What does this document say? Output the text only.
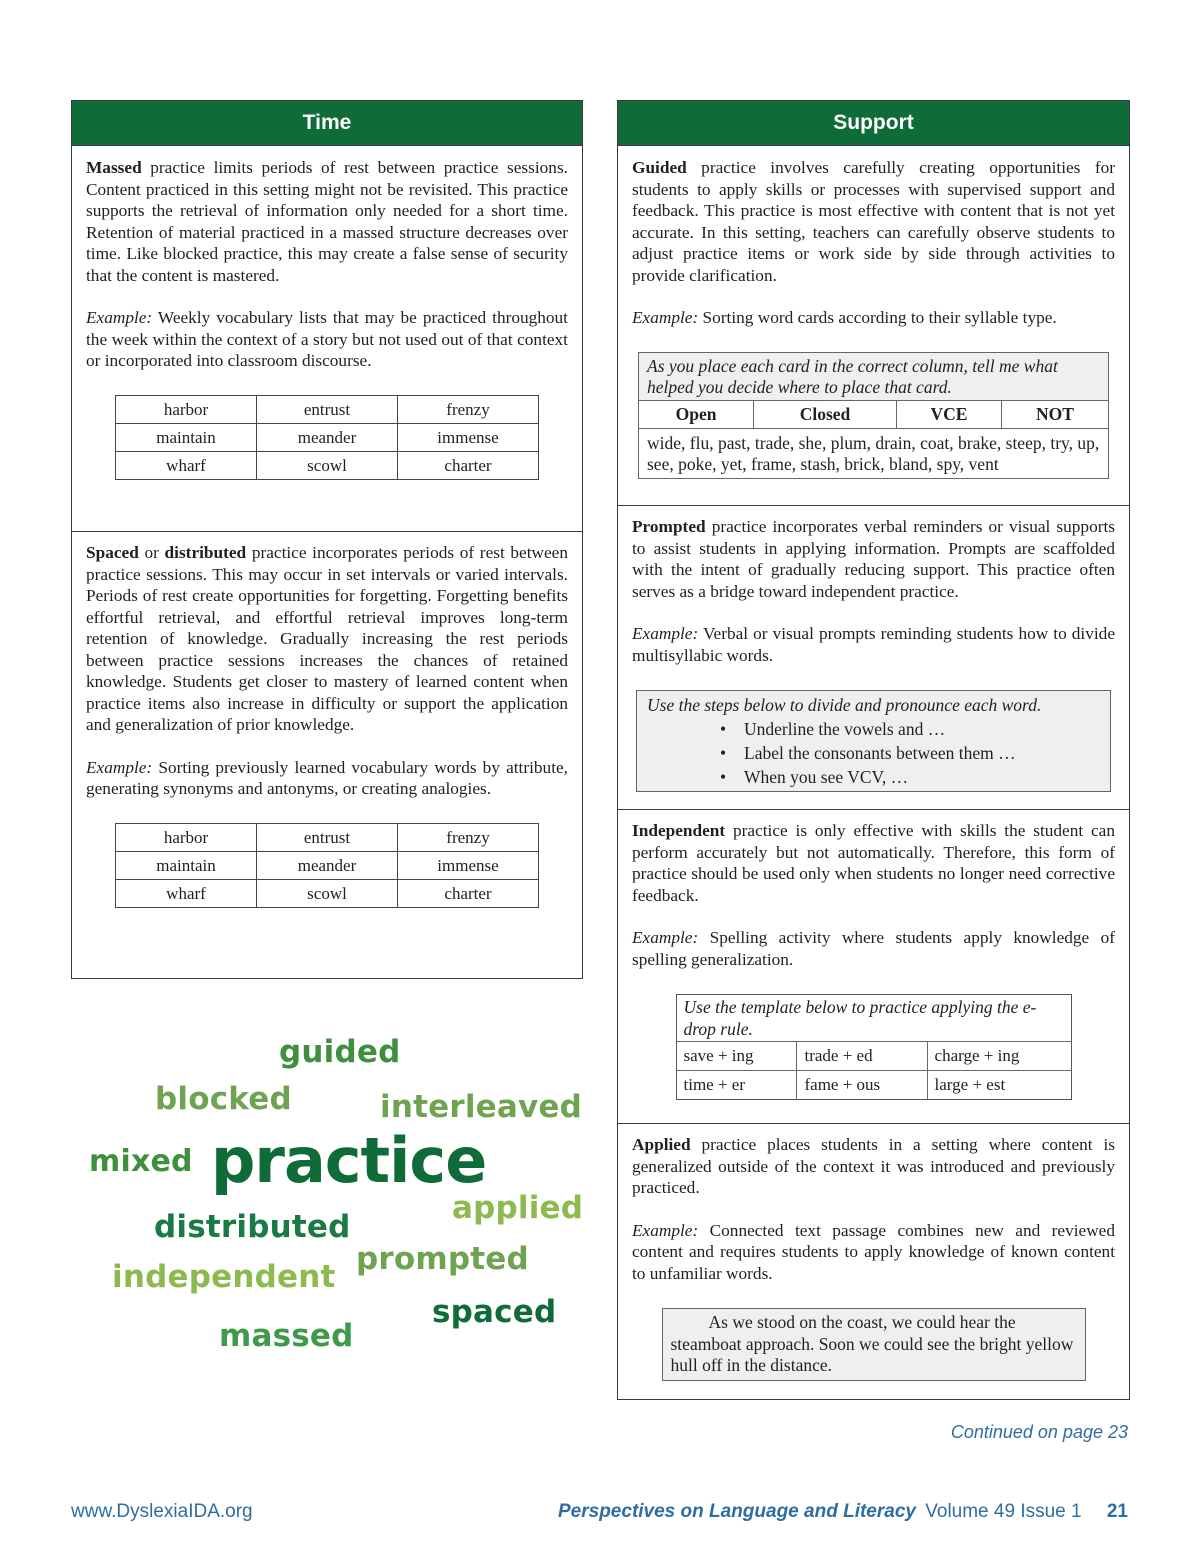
Time

Massed practice limits periods of rest between practice sessions. Content practiced in this setting might not be revisited. This practice supports the retrieval of information only needed for a short time. Retention of material practiced in a massed structure decreases over time. Like blocked practice, this may create a false sense of security that the content is mastered.

Example: Weekly vocabulary lists that may be practiced throughout the week within the context of a story but not used out of that context or incorporated into classroom discourse.

harbor	entrust	frenzy
maintain	meander	immense
wharf	scowl	charter

Spaced or distributed practice incorporates periods of rest between practice sessions. This may occur in set intervals or varied intervals. Periods of rest create opportunities for forgetting. Forgetting benefits effortful retrieval, and effortful retrieval improves long-term retention of knowledge. Gradually increasing the rest periods between practice sessions increases the chances of retained knowledge. Students get closer to mastery of learned content when practice items also increase in difficulty or support the application and generalization of prior knowledge.

Example: Sorting previously learned vocabulary words by attribute, generating synonyms and antonyms, or creating analogies.

harbor	entrust	frenzy
maintain	meander	immense
wharf	scowl	charter
Support

Guided practice involves carefully creating opportunities for students to apply skills or processes with supervised support and feedback. This practice is most effective with content that is not yet accurate. In this setting, teachers can carefully observe students to adjust practice items or work side by side through activities to provide clarification.

Example: Sorting word cards according to their syllable type.

As you place each card in the correct column, tell me what helped you decide where to place that card.
Open	Closed	VCE	NOT
wide, flu, past, trade, she, plum, drain, coat, brake, steep, try, up, see, poke, yet, frame, stash, brick, bland, spy, vent

Prompted practice incorporates verbal reminders or visual supports to assist students in applying information. Prompts are scaffolded with the intent of gradually reducing support. This practice often serves as a bridge toward independent practice.

Example: Verbal or visual prompts reminding students how to divide multisyllabic words.

Use the steps below to divide and pronounce each word.
• Underline the vowels and …
• Label the consonants between them …
• When you see VCV, …

Independent practice is only effective with skills the student can perform accurately but not automatically. Therefore, this form of practice should be used only when students no longer need corrective feedback.

Example: Spelling activity where students apply knowledge of spelling generalization.

Use the template below to practice applying the e-drop rule.
save + ing	trade + ed	charge + ing
time + er	fame + ous	large + est

Applied practice places students in a setting where content is generalized outside of the context it was introduced and previously practiced.

Example: Connected text passage combines new and reviewed content and requires students to apply knowledge of known content to unfamiliar words.

As we stood on the coast, we could hear the steamboat approach. Soon we could see the bright yellow hull off in the distance.
guided
blocked	interleaved
mixed practice
applied
distributed
prompted
independent
spaced
massed
Continued on page 23
www.DyslexiaIDA.org	Perspectives on Language and Literacy Volume 49 Issue 1 21
